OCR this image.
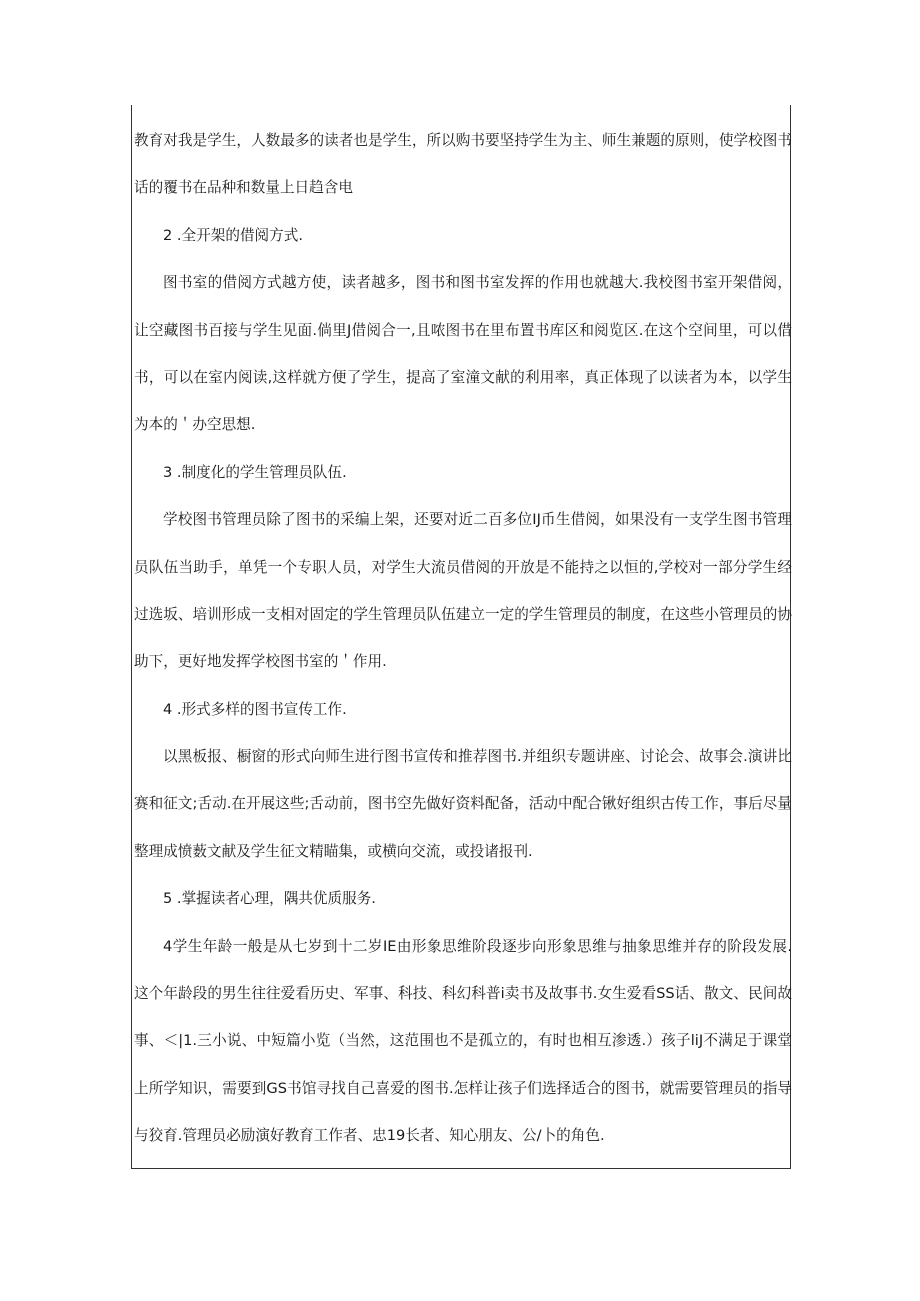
教育对我是学生，人数最多的读者也是学生，所以购书要坚持学生为主、师生兼题的原则，使学校图书
话的覆书在品种和数量上日趋含电
2 .全开架的借阅方式.
图书室的借阅方式越方使，读者越多，图书和图书室发挥的作用也就越大.我校图书室开架借阅，
让空藏图书百接与学生见面.倘里J借阅合一,且哝图书在里布置书库区和阅览区.在这个空间里，可以借
书，可以在室内阅读,这样就方便了学生，提高了室潼文献的利用率，真正体现了以读者为本，以学生
为本的＇办空思想.
3 .制度化的学生管理员队伍.
学校图书管理员除了图书的采编上架，还要对近二百多位IJ币生借阅，如果没有一支学生图书管理
员队伍当助手，单凭一个专职人员，对学生大流员借阅的开放是不能持之以恒的,学校对一部分学生经
过选坂、培训形成一支相对固定的学生管理员队伍建立一定的学生管理员的制度，在这些小管理员的协
助下，更好地发挥学校图书室的＇作用.
4 .形式多样的图书宣传工作.
以黑板报、橱窗的形式向师生进行图书宣传和推荐图书.并组织专题讲座、讨论会、故事会.演讲比
赛和征文;舌动.在开展这些;舌动前，图书空先做好资料配备，活动中配合锹好组织古传工作，事后尽量
整理成愤薮文献及学生征文精瞄集，或横向交流，或投诸报刊.
5 .掌握读者心理，隅共优质服务.
4学生年龄一般是从七岁到十二岁IE由形象思维阶段逐步向形象思维与抽象思维并存的阶段发展.
这个年龄段的男生往往爱看历史、军事、科技、科幻科普i卖书及故事书.女生爱看SS话、散文、民间故
事、＜|1.三小说、中短篇小览（当然，这范围也不是孤立的，有时也相互渗透.）孩子liJ不满足于课堂
上所学知识，需要到GS书馆寻找自己喜爱的图书.怎样让孩子们选择适合的图书，就需要管理员的指导
与狡育.管理员必励演好教育工作者、忠19长者、知心朋友、公/卜的角色.
